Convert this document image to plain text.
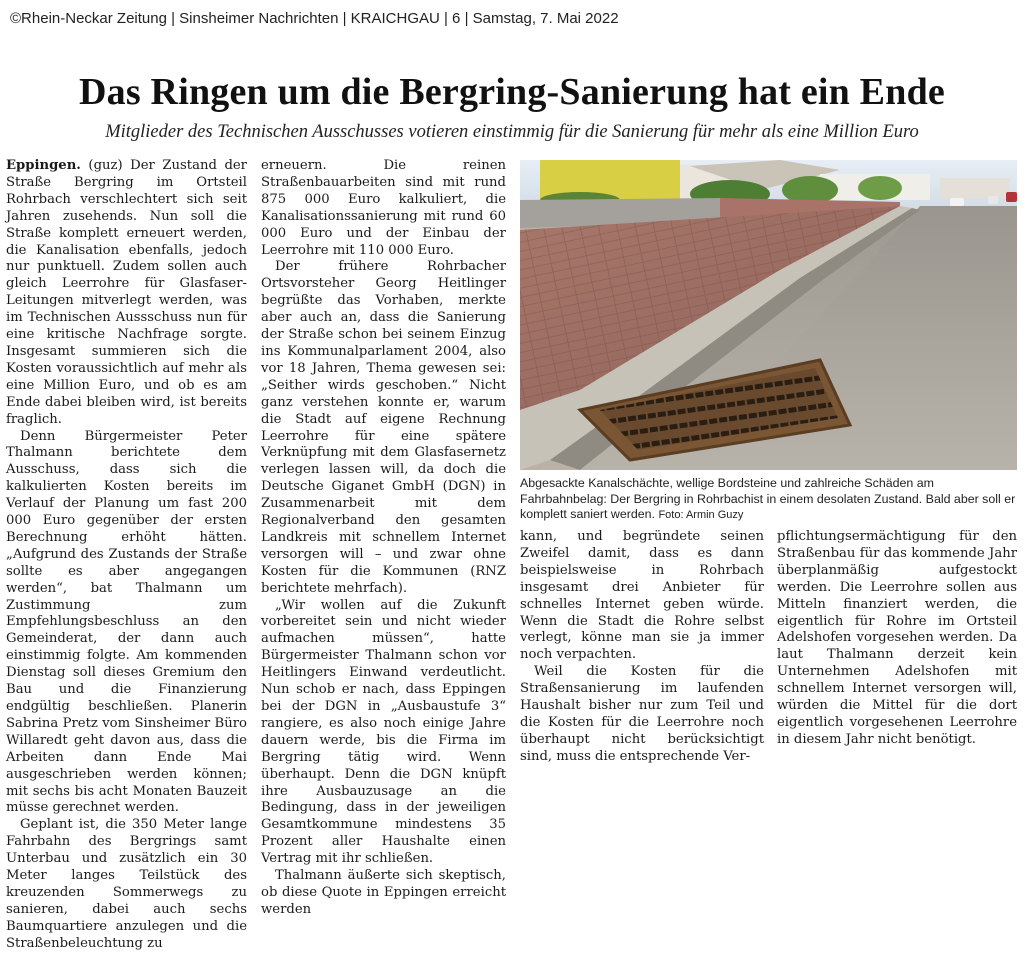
©Rhein-Neckar Zeitung | Sinsheimer Nachrichten | KRAICHGAU | 6 | Samstag, 7. Mai 2022
Das Ringen um die Bergring-Sanierung hat ein Ende
Mitglieder des Technischen Ausschusses votieren einstimmig für die Sanierung für mehr als eine Million Euro

Eppingen. (guz) Der Zustand der Straße Bergring im Ortsteil Rohrbach verschlechtert sich seit Jahren zusehends. Nun soll die Straße komplett erneuert werden, die Kanalisation ebenfalls, jedoch nur punktuell. Zudem sollen auch gleich Leerrohre für Glasfaser-Leitungen mitverlegt werden, was im Technischen Aussschuss nun für eine kritische Nachfrage sorgte. Insgesamt summieren sich die Kosten voraussichtlich auf mehr als eine Million Euro, und ob es am Ende dabei bleiben wird, ist bereits fraglich.

Denn Bürgermeister Peter Thalmann berichtete dem Ausschuss, dass sich die kalkulierten Kosten bereits im Verlauf der Planung um fast 200 000 Euro gegenüber der ersten Berechnung erhöht hätten. „Aufgrund des Zustands der Straße sollte es aber angegangen werden“, bat Thalmann um Zustimmung zum Empfehlungsbeschluss an den Gemeinderat, der dann auch einstimmig folgte. Am kommenden Dienstag soll dieses Gremium den Bau und die Finanzierung endgültig beschließen. Planerin Sabrina Pretz vom Sinsheimer Büro Willaredt geht davon aus, dass die Arbeiten dann Ende Mai ausgeschrieben werden können; mit sechs bis acht Monaten Bauzeit müsse gerechnet werden.

Geplant ist, die 350 Meter lange Fahrbahn des Bergrings samt Unterbau und zusätzlich ein 30 Meter langes Teilstück des kreuzenden Sommerwegs zu sanieren, dabei auch sechs Baumquartiere anzulegen und die Straßenbeleuchtung zu

erneuern. Die reinen Straßenbauarbeiten sind mit rund 875 000 Euro kalkuliert, die Kanalisationssanierung mit rund 60 000 Euro und der Einbau der Leerrohre mit 110 000 Euro.

Der frühere Rohrbacher Ortsvorsteher Georg Heitlinger begrüßte das Vorhaben, merkte aber auch an, dass die Sanierung der Straße schon bei seinem Einzug ins Kommunalparlament 2004, also vor 18 Jahren, Thema gewesen sei: „Seither wirds geschoben.“ Nicht ganz verstehen konnte er, warum die Stadt auf eigene Rechnung Leerrohre für eine spätere Verknüpfung mit dem Glasfasernetz verlegen lassen will, da doch die Deutsche Giganet GmbH (DGN) in Zusammenarbeit mit dem Regionalverband den gesamten Landkreis mit schnellem Internet versorgen will – und zwar ohne Kosten für die Kommunen (RNZ berichtete mehrfach).

„Wir wollen auf die Zukunft vorbereitet sein und nicht wieder aufmachen müssen“, hatte Bürgermeister Thalmann schon vor Heitlingers Einwand verdeutlicht. Nun schob er nach, dass Eppingen bei der DGN in „Ausbaustufe 3“ rangiere, es also noch einige Jahre dauern werde, bis die Firma im Bergring tätig wird. Wenn überhaupt. Denn die DGN knüpft ihre Ausbauzusage an die Bedingung, dass in der jeweiligen Gesamtkommune mindestens 35 Prozent aller Haushalte einen Vertrag mit ihr schließen.

Thalmann äußerte sich skeptisch, ob diese Quote in Eppingen erreicht werden

Abgesackte Kanalschächte, wellige Bordsteine und zahlreiche Schäden am Fahrbahnbelag: Der Bergring in Rohrbachist in einem desolaten Zustand. Bald aber soll er komplett saniert werden. Foto: Armin Guzy

kann, und begründete seinen Zweifel damit, dass es dann beispielsweise in Rohrbach insgesamt drei Anbieter für schnelles Internet geben würde. Wenn die Stadt die Rohre selbst verlegt, könne man sie ja immer noch verpachten.

Weil die Kosten für die Straßensanierung im laufenden Haushalt bisher nur zum Teil und die Kosten für die Leerrohre noch überhaupt nicht berücksichtigt sind, muss die entsprechende Ver-

pflichtungsermächtigung für den Straßenbau für das kommende Jahr überplanmäßig aufgestockt werden. Die Leerrohre sollen aus Mitteln finanziert werden, die eigentlich für Rohre im Ortsteil Adelshofen vorgesehen werden. Da laut Thalmann derzeit kein Unternehmen Adelshofen mit schnellem Internet versorgen will, würden die Mittel für die dort eigentlich vorgesehenen Leerrohre in diesem Jahr nicht benötigt.
